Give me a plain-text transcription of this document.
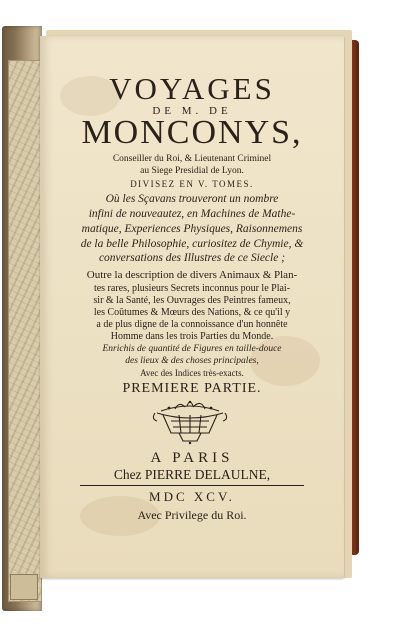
VOYAGES
DE M. DE
MONCONYS,
Conseiller du Roi, & Lieutenant Criminel
au Siege Presidial de Lyon.
DIVISEZ EN V. TOMES.
Où les Sçavans trouveront un nombre
infini de nouveautez, en Machines de Mathe-
matique, Experiences Physiques, Raisonnemens
de la belle Philosophie, curiositez de Chymie, &
conversations des Illustres de ce Siecle ;
Outre la description de divers Animaux & Plan-
tes rares, plusieurs Secrets inconnus pour le Plai-
sir & la Santé, les Ouvrages des Peintres fameux,
les Coûtumes & Mœurs des Nations, & ce qu'il y
a de plus digne de la connoissance d'un honnête
Homme dans les trois Parties du Monde.
Enrichis de quantité de Figures en taille-douce
des lieux & des choses principales,
Avec des Indices très-exacts.
PREMIERE PARTIE.
A PARIS
Chez PIERRE DELAULNE,
MDC XCV.
Avec Privilege du Roi.
